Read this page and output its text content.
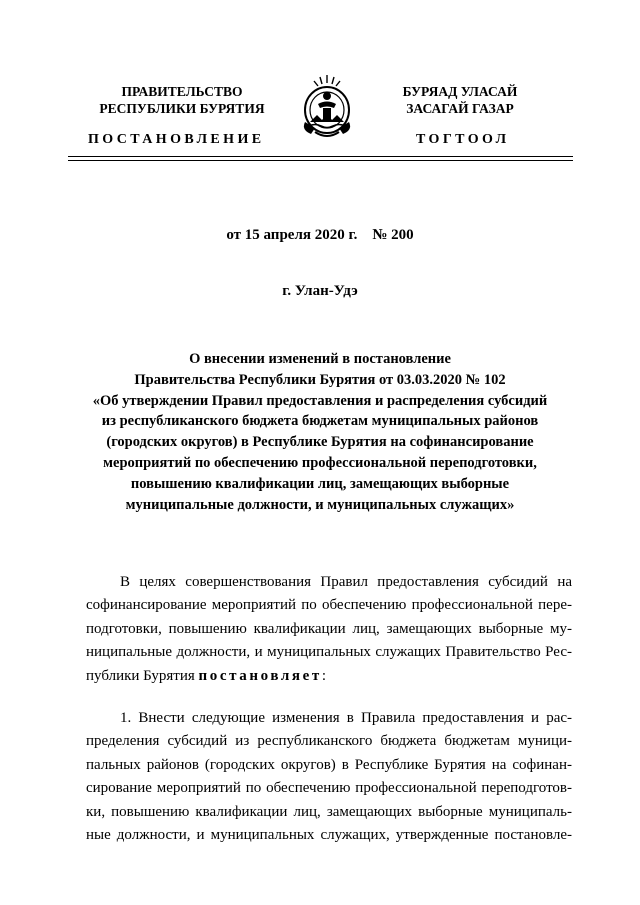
ПРАВИТЕЛЬСТВО
РЕСПУБЛИКИ БУРЯТИЯ
БУРЯАД УЛАСАЙ
ЗАСАГАЙ ГАЗАР
ПОСТАНОВЛЕНИЕ	ТОГТООЛ
от 15 апреля 2020 г.    № 200
г. Улан-Удэ
О внесении изменений в постановление
Правительства Республики Бурятия от 03.03.2020 № 102
«Об утверждении Правил предоставления и распределения субсидий
из республиканского бюджета бюджетам муниципальных районов
(городских округов) в Республике Бурятия на софинансирование
мероприятий по обеспечению профессиональной переподготовки,
повышению квалификации лиц, замещающих выборные
муниципальные должности, и муниципальных служащих»
В целях совершенствования Правил предоставления субсидий на
софинансирование мероприятий по обеспечению профессиональной пере-
подготовки, повышению квалификации лиц, замещающих выборные му-
ниципальные должности, и муниципальных служащих Правительство Рес-
публики Бурятия постановляет:
1. Внести следующие изменения в Правила предоставления и рас-
пределения субсидий из республиканского бюджета бюджетам муници-
пальных районов (городских округов) в Республике Бурятия на софинан-
сирование мероприятий по обеспечению профессиональной переподготов-
ки, повышению квалификации лиц, замещающих выборные муниципаль-
ные должности, и муниципальных служащих, утвержденные постановле-
